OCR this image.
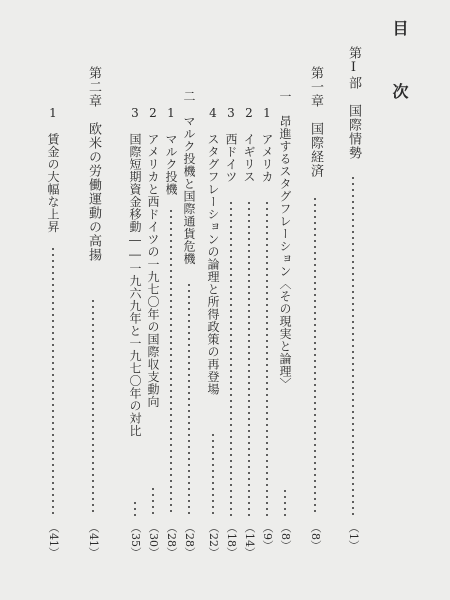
目 次
第Ⅰ部　国際情勢
（1）
第一章　国際経済
（8）
一　昂進するスタグフレーション〈その現実と論理〉
（8）
1　アメリカ
（9）
2　イギリス
（14）
3　西ドイツ
（18）
4　スタグフレーションの論理と所得政策の再登場
（22）
二　マルク投機と国際通貨危機
（28）
1　マルク投機
（28）
2　アメリカと西ドイツの一九七〇年の国際収支動向
（30）
3　国際短期資金移動――一九六九年と一九七〇年の対比
（35）
第二章　欧米の労働運動の高揚
（41）
1　賃金の大幅な上昇
（41）
